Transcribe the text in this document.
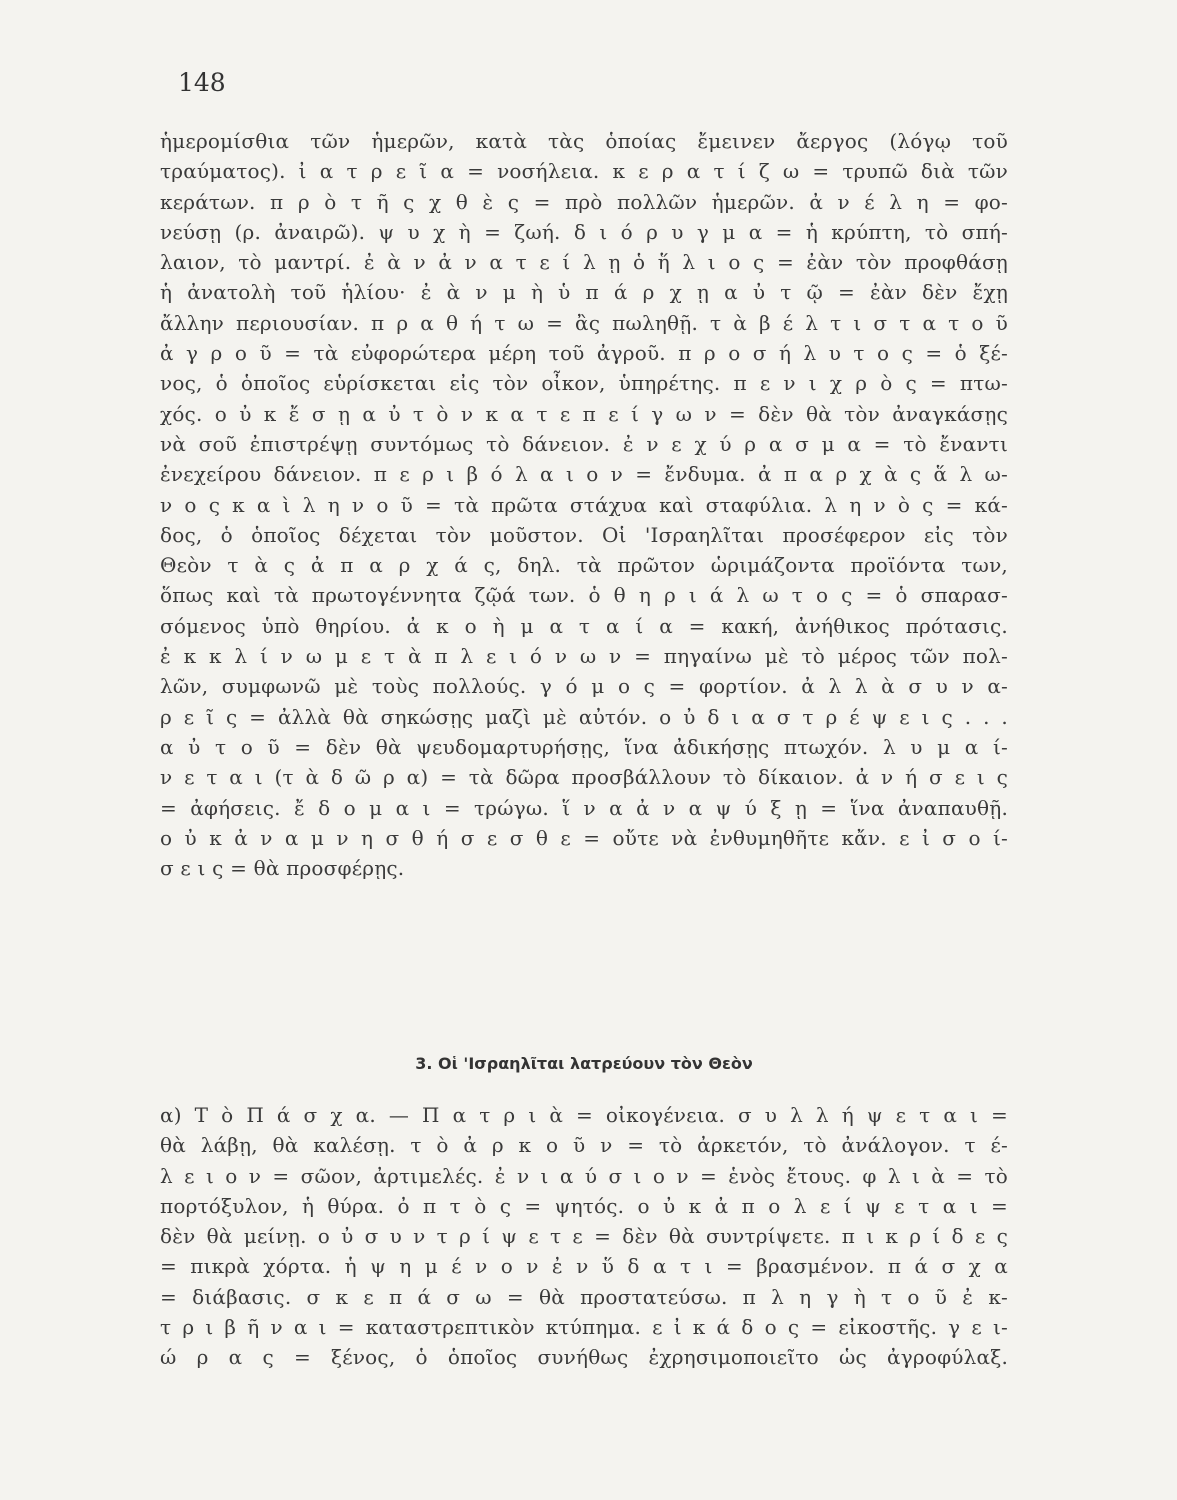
148
ἡμερομίσθια τῶν ἡμερῶν, κατὰ τὰς ὁποίας ἔμεινεν ἄεργος (λόγῳ τοῦ
τραύματος). ἰ α τ ρ ε ῖ α = νοσήλεια. κ ε ρ α τ ί ζ ω = τρυπῶ διὰ τῶν
κεράτων. π ρ ὸ τ ῆ ς χ θ ὲ ς = πρὸ πολλῶν ἡμερῶν. ἀ ν έ λ η = φο-
νεύσῃ (ρ. ἀναιρῶ). ψ υ χ ὴ = ζωή. δ ι ό ρ υ γ μ α = ἡ κρύπτη, τὸ σπή-
λαιον, τὸ μαντρί. ἐ ὰ ν ἀ ν α τ ε ί λ ῃ ὁ ἥ λ ι ο ς = ἐὰν τὸν προφθάσῃ
ἡ ἀνατολὴ τοῦ ἡλίου· ἐ ὰ ν μ ὴ ὑ π ά ρ χ ῃ α ὐ τ ῷ = ἐὰν δὲν ἔχῃ
ἄλλην περιουσίαν. π ρ α θ ή τ ω = ἂς πωληθῇ. τ ὰ β έ λ τ ι σ τ α τ ο ῦ
ἀ γ ρ ο ῦ = τὰ εὐφορώτερα μέρη τοῦ ἀγροῦ. π ρ ο σ ή λ υ τ ο ς = ὁ ξέ-
νος, ὁ ὁποῖος εὑρίσκεται εἰς τὸν οἶκον, ὑπηρέτης. π ε ν ι χ ρ ὸ ς = πτω-
χός. ο ὐ κ ἔ σ ῃ α ὐ τ ὸ ν κ α τ ε π ε ί γ ω ν = δὲν θὰ τὸν ἀναγκάσῃς
νὰ σοῦ ἐπιστρέψῃ συντόμως τὸ δάνειον. ἐ ν ε χ ύ ρ α σ μ α = τὸ ἔναντι
ἐνεχείρου δάνειον. π ε ρ ι β ό λ α ι ο ν = ἔνδυμα. ἀ π α ρ χ ὰ ς ἅ λ ω-
ν ο ς κ α ὶ λ η ν ο ῦ = τὰ πρῶτα στάχυα καὶ σταφύλια. λ η ν ὸ ς = κά-
δος, ὁ ὁποῖος δέχεται τὸν μοῦστον. Οἱ 'Ισραηλῖται προσέφερον εἰς τὸν
Θεὸν τ ὰ ς ἀ π α ρ χ ά ς, δηλ. τὰ πρῶτον ὡριμάζοντα προϊόντα των,
ὅπως καὶ τὰ πρωτογέννητα ζῷά των. ὁ θ η ρ ι ά λ ω τ ο ς = ὁ σπαρασ-
σόμενος ὑπὸ θηρίου. ἀ κ ο ὴ μ α τ α ί α = κακή, ἀνήθικος πρότασις.
ἐ κ κ λ ί ν ω μ ε τ ὰ π λ ε ι ό ν ω ν = πηγαίνω μὲ τὸ μέρος τῶν πολ-
λῶν, συμφωνῶ μὲ τοὺς πολλούς. γ ό μ ο ς = φορτίον. ἀ λ λ ὰ σ υ ν α-
ρ ε ῖ ς = ἀλλὰ θὰ σηκώσῃς μαζὶ μὲ αὐτόν. ο ὐ δ ι α σ τ ρ έ ψ ε ι ς . . .
α ὐ τ ο ῦ = δὲν θὰ ψευδομαρτυρήσῃς, ἵνα ἀδικήσῃς πτωχόν. λ υ μ α ί-
ν ε τ α ι (τ ὰ δ ῶ ρ α) = τὰ δῶρα προσβάλλουν τὸ δίκαιον. ἀ ν ή σ ε ι ς
= ἀφήσεις. ἔ δ ο μ α ι = τρώγω. ἵ ν α ἀ ν α ψ ύ ξ ῃ = ἵνα ἀναπαυθῇ.
ο ὐ κ ἀ ν α μ ν η σ θ ή σ ε σ θ ε = οὔτε νὰ ἐνθυμηθῆτε κἄν. ε ἰ σ ο ί-
σ ε ι ς = θὰ προσφέρῃς.
3. Οἱ 'Ισραηλῖται λατρεύουν τὸν Θεὸν
α) Τ ὸ Π ά σ χ α. — Π α τ ρ ι ὰ = οἰκογένεια. σ υ λ λ ή ψ ε τ α ι =
θὰ λάβῃ, θὰ καλέσῃ. τ ὸ ἀ ρ κ ο ῦ ν = τὸ ἀρκετόν, τὸ ἀνάλογον. τ έ-
λ ε ι ο ν = σῶον, ἀρτιμελές. ἐ ν ι α ύ σ ι ο ν = ἑνὸς ἔτους. φ λ ι ὰ = τὸ
πορτόξυλον, ἡ θύρα. ὀ π τ ὸ ς = ψητός. ο ὐ κ ἀ π ο λ ε ί ψ ε τ α ι =
δὲν θὰ μείνῃ. ο ὐ σ υ ν τ ρ ί ψ ε τ ε = δὲν θὰ συντρίψετε. π ι κ ρ ί δ ε ς
= πικρὰ χόρτα. ἡ ψ η μ έ ν ο ν ἐ ν ὕ δ α τ ι = βρασμένον. π ά σ χ α
= διάβασις. σ κ ε π ά σ ω = θὰ προστατεύσω. π λ η γ ὴ τ ο ῦ ἐ κ-
τ ρ ι β ῆ ν α ι = καταστρεπτικὸν κτύπημα. ε ἰ κ ά δ ο ς = εἰκοστῆς. γ ε ι-
ώ ρ α ς = ξένος, ὁ ὁποῖος συνήθως ἐχρησιμοποιεῖτο ὡς ἀγροφύλαξ.
